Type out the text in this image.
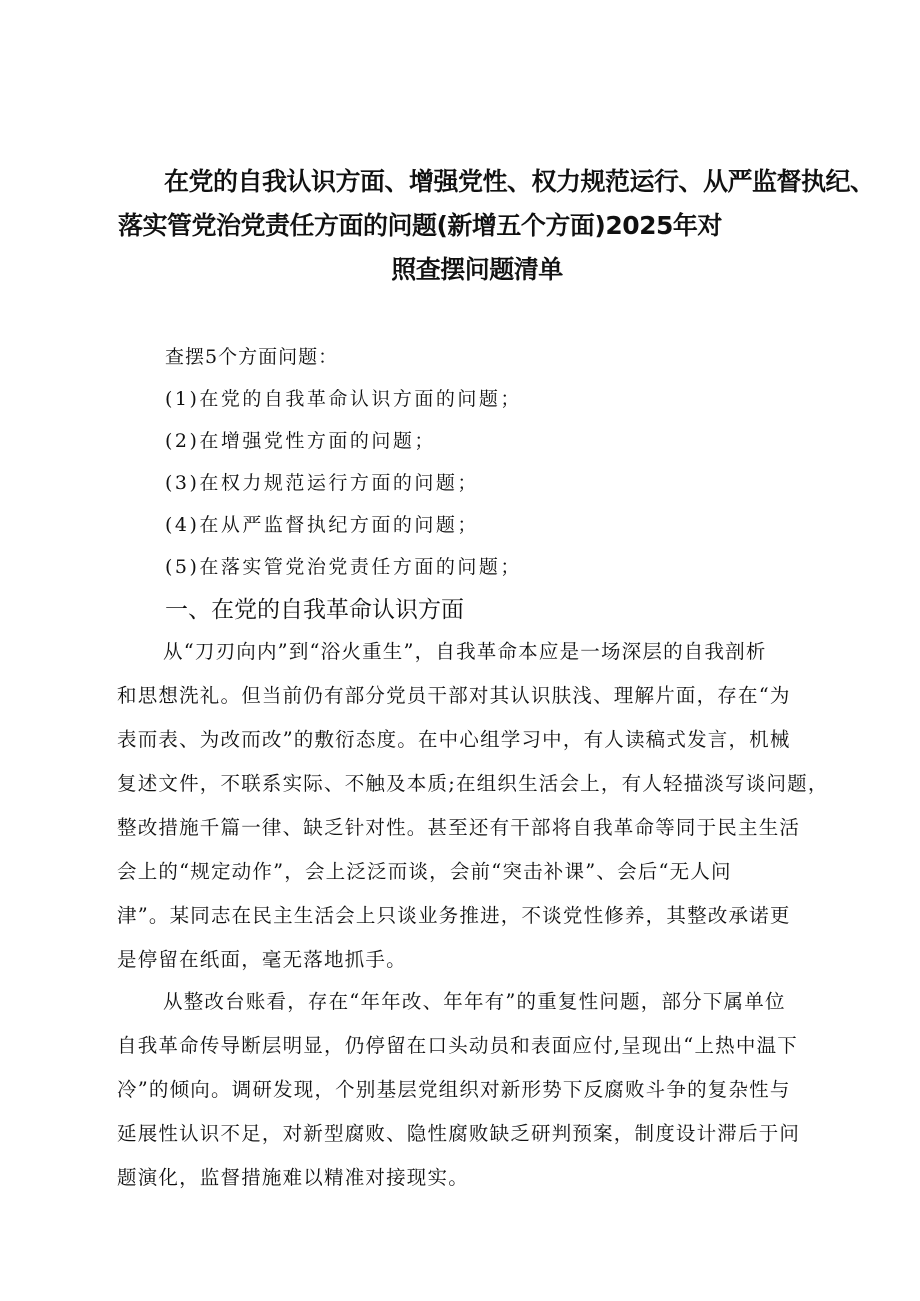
在党的自我认识方面、增强党性、权力规范运行、从严监督执纪、
落实管党治党责任方面的问题(新增五个方面)2025年对
照查摆问题清单
查摆5个方面问题：
(1)在党的自我革命认识方面的问题；
(2)在增强党性方面的问题；
(3)在权力规范运行方面的问题；
(4)在从严监督执纪方面的问题；
(5)在落实管党治党责任方面的问题；
一、在党的自我革命认识方面
从“刀刃向内”到“浴火重生”，自我革命本应是一场深层的自我剖析
和思想洗礼。但当前仍有部分党员干部对其认识肤浅、理解片面，存在“为
表而表、为改而改”的敷衍态度。在中心组学习中，有人读稿式发言，机械
复述文件，不联系实际、不触及本质;在组织生活会上，有人轻描淡写谈问题，
整改措施千篇一律、缺乏针对性。甚至还有干部将自我革命等同于民主生活
会上的“规定动作”，会上泛泛而谈，会前“突击补课”、会后“无人问
津”。某同志在民主生活会上只谈业务推进，不谈党性修养，其整改承诺更
是停留在纸面，毫无落地抓手。
从整改台账看，存在“年年改、年年有”的重复性问题，部分下属单位
自我革命传导断层明显，仍停留在口头动员和表面应付,呈现出“上热中温下
冷”的倾向。调研发现，个别基层党组织对新形势下反腐败斗争的复杂性与
延展性认识不足，对新型腐败、隐性腐败缺乏研判预案，制度设计滞后于问
题演化，监督措施难以精准对接现实。
